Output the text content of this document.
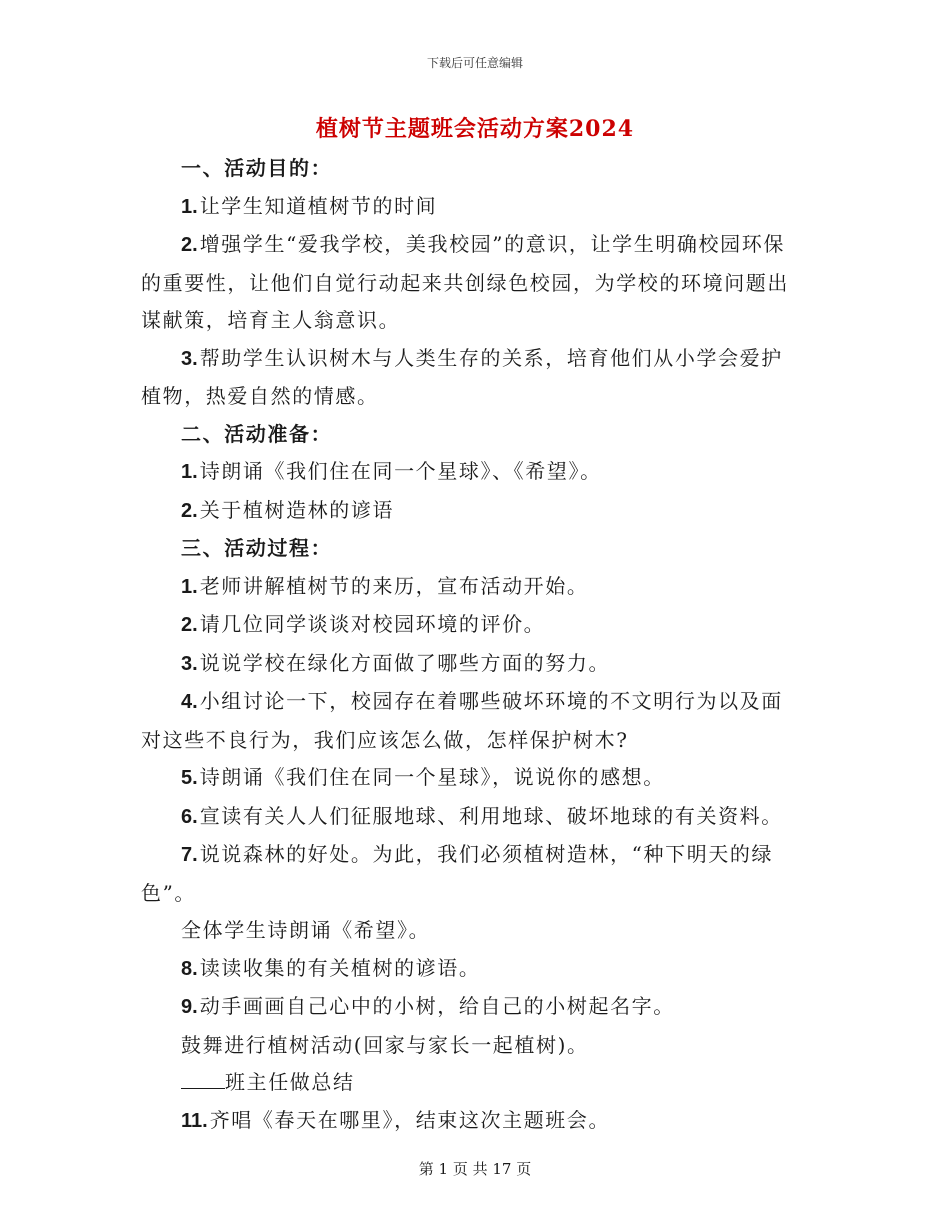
下载后可任意编辑
植树节主题班会活动方案2024

一、活动目的：

1. 让学生知道植树节的时间

2. 增强学生“爱我学校，美我校园”的意识，让学生明确校园环保的重要性，让他们自觉行动起来共创绿色校园，为学校的环境问题出谋献策，培育主人翁意识。

3. 帮助学生认识树木与人类生存的关系，培育他们从小学会爱护植物，热爱自然的情感。

二、活动准备：

1. 诗朗诵《我们住在同一个星球》、《希望》。

2. 关于植树造林的谚语

三、活动过程：

1. 老师讲解植树节的来历，宣布活动开始。

2. 请几位同学谈谈对校园环境的评价。

3. 说说学校在绿化方面做了哪些方面的努力。

4. 小组讨论一下，校园存在着哪些破坏环境的不文明行为以及面对这些不良行为，我们应该怎么做，怎样保护树木?

5. 诗朗诵《我们住在同一个星球》，说说你的感想。

6. 宣读有关人人们征服地球、利用地球、破坏地球的有关资料。

7. 说说森林的好处。为此，我们必须植树造林，“种下明天的绿色”。

全体学生诗朗诵《希望》。

8. 读读收集的有关植树的谚语。

9. 动手画画自己心中的小树，给自己的小树起名字。

鼓舞进行植树活动(回家与家长一起植树)。

班主任做总结

11. 齐唱《春天在哪里》，结束这次主题班会。

第 1 页 共 17 页
